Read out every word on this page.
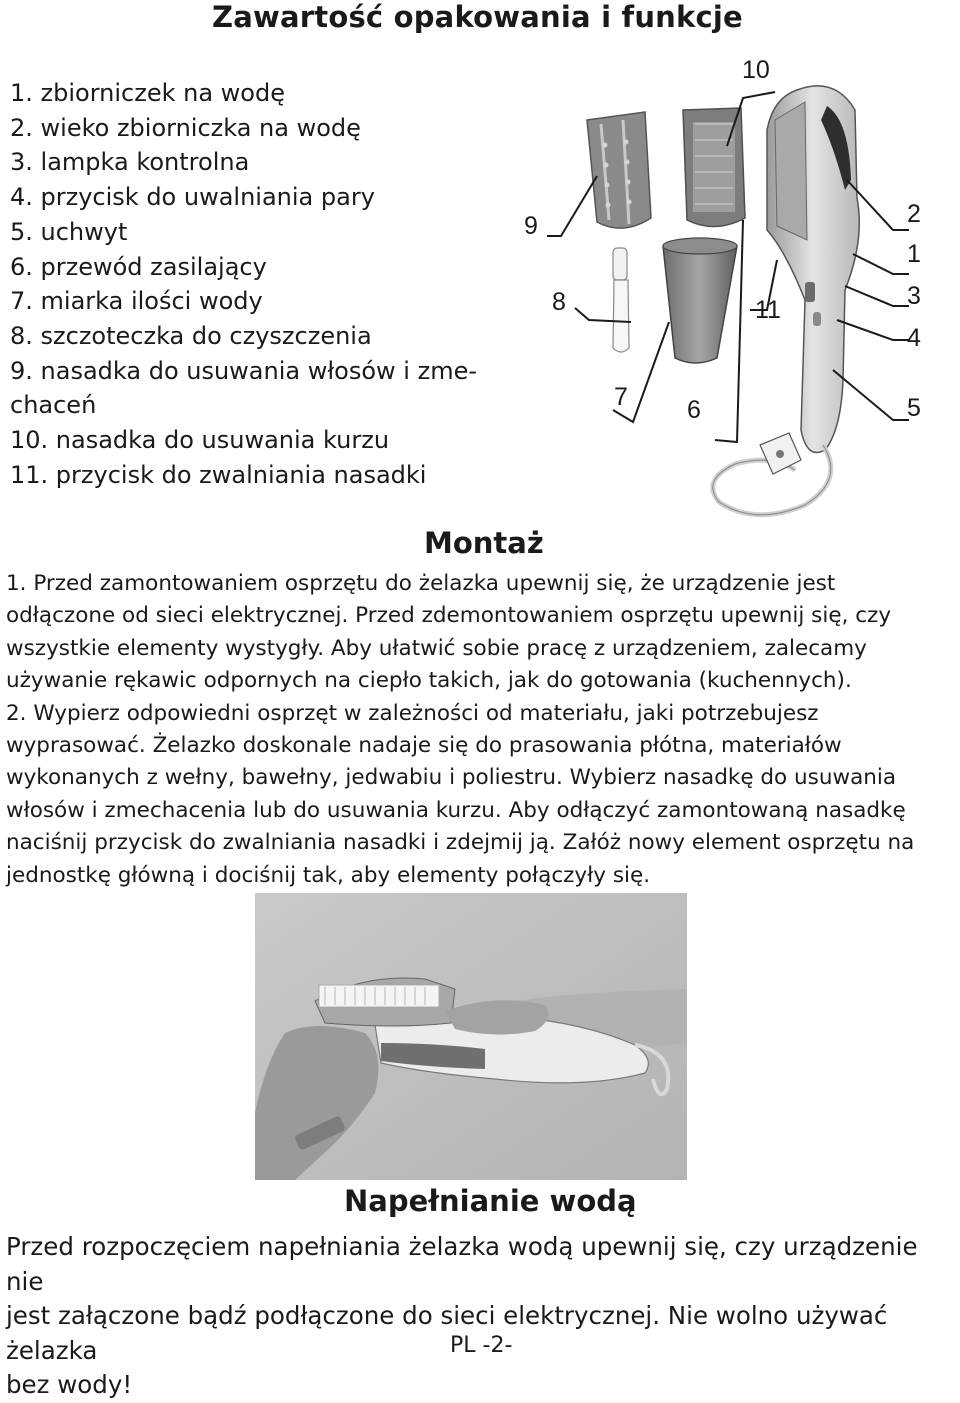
Zawartość opakowania i funkcje
1. zbiorniczek na wodę
2. wieko zbiorniczka na wodę
3. lampka kontrolna
4. przycisk do uwalniania pary
5. uchwyt
6. przewód zasilający
7. miarka ilości wody
8. szczoteczka do czyszczenia
9. nasadka do usuwania włosów i zme-
chaceń
10. nasadka do usuwania kurzu
11. przycisk do zwalniania nasadki
10
9
8
7 6
11
2
1
3
4
5
Montaż

1. Przed zamontowaniem osprzętu do żelazka upewnij się, że urządzenie jest
odłączone od sieci elektrycznej. Przed zdemontowaniem osprzętu upewnij się, czy
wszystkie elementy wystygły. Aby ułatwić sobie pracę z urządzeniem, zalecamy
używanie rękawic odpornych na ciepło takich, jak do gotowania (kuchennych).
2. Wypierz odpowiedni osprzęt w zależności od materiału, jaki potrzebujesz
wyprasować. Żelazko doskonale nadaje się do prasowania płótna, materiałów
wykonanych z wełny, bawełny, jedwabiu i poliestru. Wybierz nasadkę do usuwania
włosów i zmechacenia lub do usuwania kurzu. Aby odłączyć zamontowaną nasadkę
naciśnij przycisk do zwalniania nasadki i zdejmij ją. Załóż nowy element osprzętu na
jednostkę główną i dociśnij tak, aby elementy połączyły się.

Napełnianie wodą

Przed rozpoczęciem napełniania żelazka wodą upewnij się, czy urządzenie nie
jest załączone bądź podłączone do sieci elektrycznej. Nie wolno używać żelazka
bez wody!

PL -2-
